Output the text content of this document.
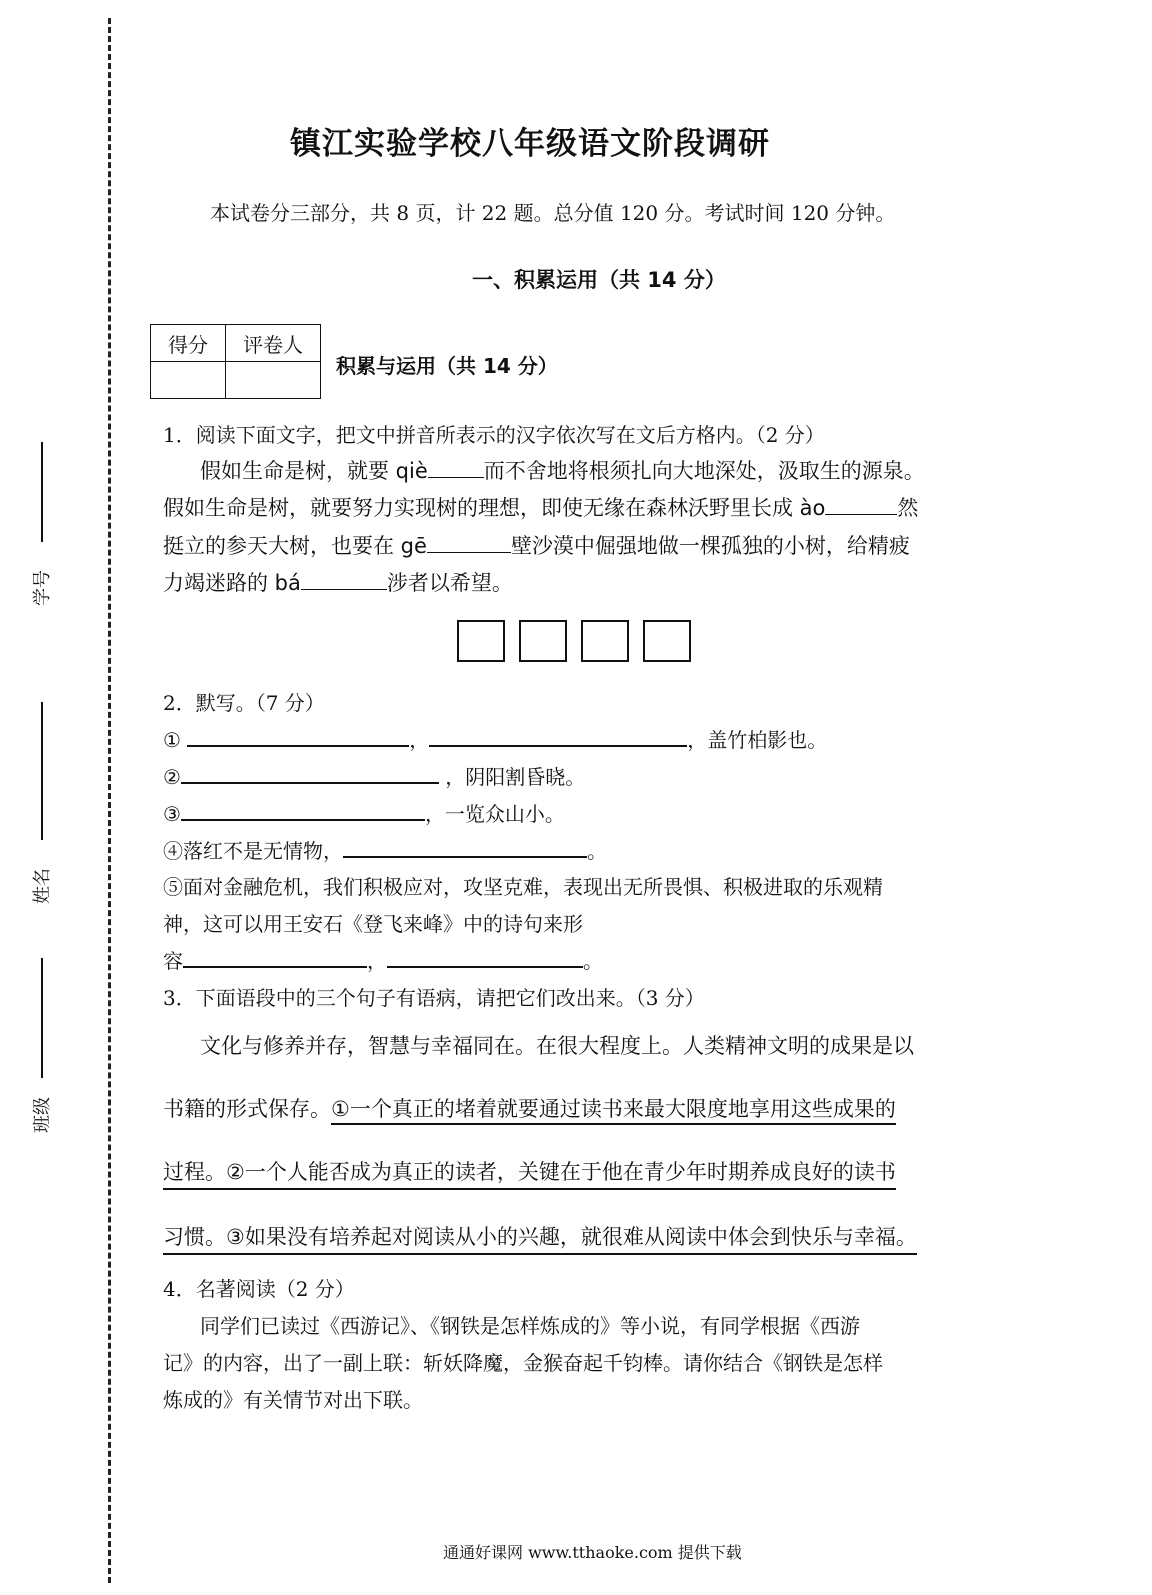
学号
姓名
班级
镇江实验学校八年级语文阶段调研
本试卷分三部分，共 8 页，计 22 题。总分值 120 分。考试时间 120 分钟。
一、积累运用（共 14 分）
得分	评卷人

积累与运用（共 14 分）
1．阅读下面文字，把文中拼音所表示的汉字依次写在文后方格内。（2 分）
假如生命是树，就要 qiè	而不舍地将根须扎向大地深处，汲取生的源泉。
假如生命是树，就要努力实现树的理想，即使无缘在森林沃野里长成 ào	然
挺立的参天大树，也要在 gē	壁沙漠中倔强地做一棵孤独的小树，给精疲
力竭迷路的 bá	涉者以希望。
2．默写。（7 分）
①	，	，盖竹柏影也。
②	，阴阳割昏晓。
③	，一览众山小。
④落红不是无情物，	。
⑤面对金融危机，我们积极应对，攻坚克难，表现出无所畏惧、积极进取的乐观精
神，这可以用王安石《登飞来峰》中的诗句来形
容	，	。
3．下面语段中的三个句子有语病，请把它们改出来。（3 分）
文化与修养并存，智慧与幸福同在。在很大程度上。人类精神文明的成果是以
书籍的形式保存。①一个真正的堵着就要通过读书来最大限度地享用这些成果的
过程。②一个人能否成为真正的读者，关键在于他在青少年时期养成良好的读书
习惯。③如果没有培养起对阅读从小的兴趣，就很难从阅读中体会到快乐与幸福。
4．名著阅读（2 分）
同学们已读过《西游记》、《钢铁是怎样炼成的》等小说，有同学根据《西游
记》的内容，出了一副上联：斩妖降魔，金猴奋起千钧棒。请你结合《钢铁是怎样
炼成的》有关情节对出下联。
通通好课网 www.tthaoke.com 提供下载
